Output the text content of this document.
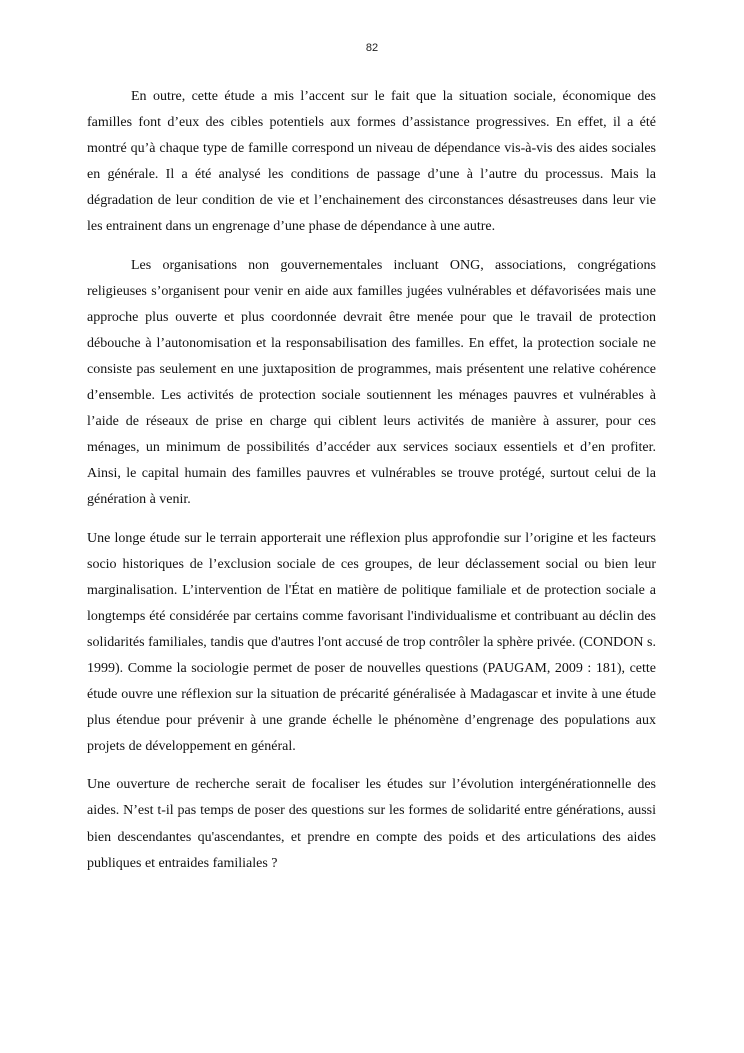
82

En outre, cette étude a mis l’accent sur le fait que la situation sociale, économique des familles font d’eux des cibles potentiels aux formes d’assistance progressives. En effet, il a été montré qu’à chaque type de famille correspond un niveau de dépendance vis-à-vis des aides sociales en générale. Il a été analysé les conditions de passage d’une à l’autre du processus. Mais la dégradation de leur condition de vie et l’enchainement des circonstances désastreuses dans leur vie les entrainent dans un engrenage d’une phase de dépendance à une autre.

Les organisations non gouvernementales incluant ONG, associations, congrégations religieuses s’organisent pour venir en aide aux familles jugées vulnérables et défavorisées mais une approche plus ouverte et plus coordonnée devrait être menée pour que le travail de protection débouche à l’autonomisation et la responsabilisation des familles. En effet, la protection sociale ne consiste pas seulement en une juxtaposition de programmes, mais présentent une relative cohérence d’ensemble. Les activités de protection sociale soutiennent les ménages pauvres et vulnérables à l’aide de réseaux de prise en charge qui ciblent leurs activités de manière à assurer, pour ces ménages, un minimum de possibilités d’accéder aux services sociaux essentiels et d’en profiter. Ainsi, le capital humain des familles pauvres et vulnérables se trouve protégé, surtout celui de la génération à venir.

Une longe étude sur le terrain apporterait une réflexion plus approfondie sur l’origine et les facteurs socio historiques de l’exclusion sociale de ces groupes, de leur déclassement social ou bien leur marginalisation. L’intervention de l'État en matière de politique familiale et de protection sociale a longtemps été considérée par certains comme favorisant l'individualisme et contribuant au déclin des solidarités familiales, tandis que d'autres l'ont accusé de trop contrôler la sphère privée. (CONDON s. 1999). Comme la sociologie permet de poser de nouvelles questions (PAUGAM, 2009 : 181), cette étude ouvre une réflexion sur la situation de précarité généralisée à Madagascar et invite à une étude plus étendue pour prévenir à une grande échelle le phénomène d’engrenage des populations aux projets de développement en général.

Une ouverture de recherche serait de focaliser les études sur l’évolution intergénérationnelle des aides. N’est t-il pas temps de poser des questions sur les formes de solidarité entre générations, aussi bien descendantes qu'ascendantes, et prendre en compte des poids et des articulations des aides publiques et entraides familiales ?
